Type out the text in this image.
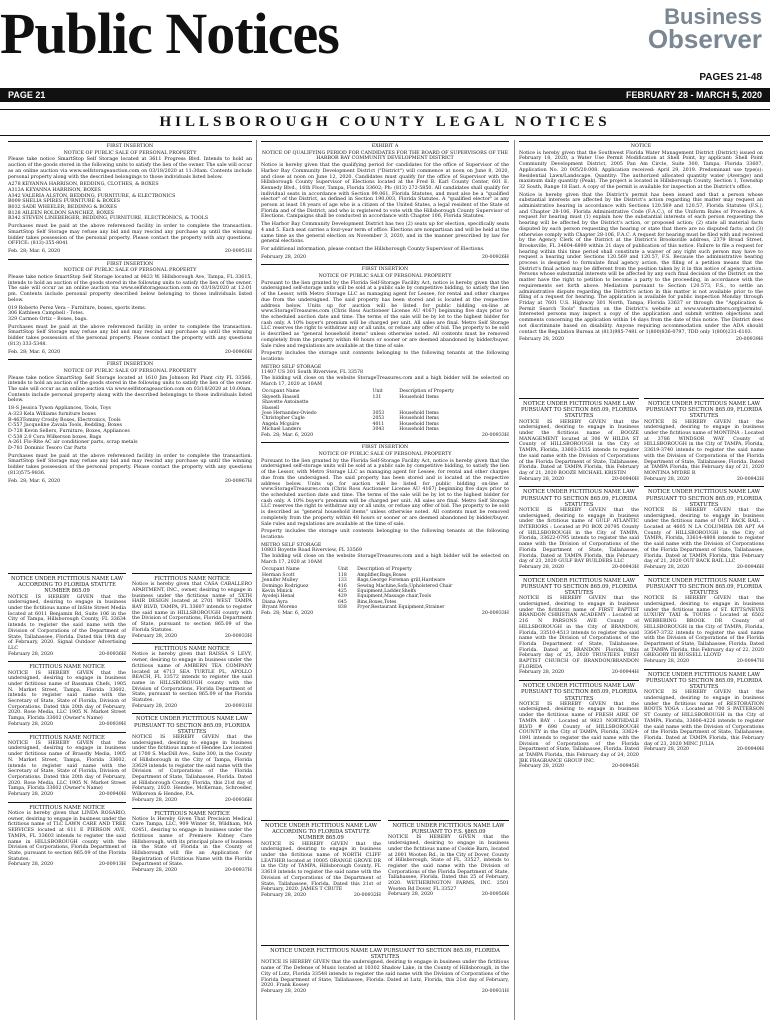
Public Notices	Business
Observer
PAGES 21-48
PAGE 21	FEBRUARY 28 - MARCH 5, 2020
HILLSBOROUGH COUNTY LEGAL NOTICES
FIRST INSERTION
NOTICE OF PUBLIC SALE OF PERSONAL PROPERTY

Please take notice SmartStop Self Storage located at 3611 Progress Blvd. Intends to hold an auction of the goods stored in the following units to satisfy the lien of the owner. The sale will occur as an online auction via www.selfstorageauction.com on 03/18/2020 at 11:30am. Contents include personal property along with the described belongings to those individuals listed below.

A278 KEYANNA HARRISON, BEDDING, CLOTHES, & BOXES
A312A KEYANNA HARRISON, BOXES
A342 VALERIA ALSTON, BEDDING, FURNITURE, & ELECTRONICS
B009 SHELIA SPIRES FURNITURE & BOXES
B032 SADE WHEELER, BEDDING & BOXES
B128 AILEEN ROLDON SANCHEZ, BOXES
B342 STEVEN LINEBERGER, BEDDING, FURNITURE, ELECTRONICS, & TOOLS

Purchases must be paid at the above referenced facility in order to complete the transaction. SmartStop Self Storage may refuse any bid and may rescind any purchase up until the winning bidder takes possession of the personal property. Please contact the property with any questions. OFFICE: (813)-355-8041

Feb. 28; Mar. 6, 2020	20-00951H
FIRST INSERTION
NOTICE OF PUBLIC SALE OF PERSONAL PROPERTY

Please take notice SmartStop Self Storage located at 9823 W. Hillsborough Ave, Tampa, FL 33615, intends to hold an auction of the goods stored in the following units to satisfy the lien of the owner. The sale will occur as an online auction via www.selfstorageauction.com on 03/18/2020 at 12:01 pm. Contents include personal property described below belonging to those individuals listed below.

019 Roberto Perez Vera – Furniture, boxes, sports items.
306 Kathleen Campbell - Totes.
329 Carmen Ortiz – Boxes, bags.

Purchases must be paid at the above referenced facility in order to complete the transaction. SmartStop Self Storage may refuse any bid and may rescind any purchase up until the winning bidder takes possession of the personal property. Please contact the property with any questions (813) 333-5348.

Feb. 28; Mar. 6, 2020	20-00960H
FIRST INSERTION
NOTICE OF PUBLIC SALE OF PERSONAL PROPERTY

Please take notice SmartStop Self Storage located at 1610 Jim Johnson Rd Plant city FL 33566, intends to hold an auction of the goods stored in the following units to satisfy the lien of the owner. The sale will occur as an online auction via www.selfstorageauction.com on 03/18/2020 at 10:00am. Contents include personal property along with the described belongings to those individuals listed below.

18-S Jessica Tyson Appliances, Tools, Toys
A-323 Kela Williams furniture boxes
B-463Tommy Crosby Boxes, Electronics, Tools
C-557 Jacqueline Zavala Tools, Bedding, Boxes
D-728 Kevin Sellers, Furniture, Boxes, Appliances
C-538 2.0 Cora Wilkerson boxes, Bags
A-261 Flo-Rite AC air conditioner parts, scrap metals
D-781 Dominic Tesoro Car Parts

Purchases must be paid at the above referenced facility in order to complete the transaction. SmartStop Self Storage may refuse any bid and may rescind any purchase up until the winning bidder takes possession of the personal property. Please contact the property with any questions (813)575-9836.

Feb. 28; Mar. 6, 2020	20-00967H
EXHIBIT A
NOTICE OF QUALIFYING PERIOD FOR CANDIDATES FOR THE BOARD OF SUPERVISORS OF THE HARBOR BAY COMMUNITY DEVELOPMENT DISTRICT

Notice is hereby given that the qualifying period for candidates for the office of Supervisor of the Harbor Bay Community Development District ("District") will commence at noon on June 8, 2020, and close at noon on June 12, 2020. Candidates must qualify for the office of Supervisor with the Hillsborough County Supervisor of Elections located at the Fred B. Karl County Center, 601 E. Kennedy Blvd., 16th Floor, Tampa, Florida 33602; Ph: (813) 272-5850. All candidates shall qualify for individual seats in accordance with Section 99.061, Florida Statutes, and must also be a "qualified elector" of the District, as defined in Section 190.003, Florida Statutes. A "qualified elector" is any person at least 18 years of age who is a citizen of the United States, a legal resident of the State of Florida and of the District, and who is registered to vote with the Hillsborough County Supervisor of Elections. Campaigns shall be conducted in accordance with Chapter 106, Florida Statutes.

The Harbor Bay Community Development District has two (2) seats up for election, specifically seats 4 and 5. Each seat carries a four-year term of office. Elections are nonpartisan and will be held at the same time as the general election on November 3, 2020, and in the manner prescribed by law for general elections.

For additional information, please contact the Hillsborough County Supervisor of Elections.

February 28, 2020	20-00926H
FIRST INSERTION
NOTICE OF PUBLIC SALE OF PERSONAL PROPERTY

Pursuant to the lien granted by the Florida Self-Storage Facility Act, notice is hereby given that the undersigned self-storage units will be sold at a public sale by competitive bidding, to satisfy the lien of the Lessor, with Metro Storage LLC as managing agent for Lessee, for rental and other charges due from the undersigned. The said property has been stored and is located at the respective address below. Units up for auction will be listed for public bidding on-line at www.StorageTreasures.com (Chris Ross Auctioneer License AU 4167) beginning five days prior to the scheduled auction date and time. The terms of the sale will be by lot to the highest bidder for cash only. A 10% buyer's premium will be charged per unit. All sales are final. Metro Self Storage LLC reserves the right to withdraw any or all units, or refuse any offer of bid. The property to be sold is described as "general household items" unless otherwise noted. All contents must be removed completely from the property within 48 hours or sooner or are deemed abandoned by bidder/buyer. Sale rules and regulations are available at the time of sale.

Property includes the storage unit contents belonging to the following tenants at the following locations:

METRO SELF STORAGE
11407 US 301 South Riverview, FL 33578
The bidding will close on the website StorageTreasures.com and a high bidder will be selected on March 17, 2020 at 10AM

Occupant Name	Unit	Description of Property
Skyeeth Hassell	131	Household Items
Shavette Antoinette		
Hassell		
Jose Hernandez-Oviedo	3053	Household Items
Christopher Cagle	2053	Household Items
Angela Mcguire	4011	Household Items
Michael Landers	3043	Household Items
Feb. 28; Mar. 6, 2020	20-00933H
FIRST INSERTION
NOTICE OF PUBLIC SALE OF PERSONAL PROPERTY

Pursuant to the lien granted by the Florida Self-Storage Facility Act, notice is hereby given that the undersigned self-storage units will be sold at a public sale by competitive bidding, to satisfy the lien of the Lessor, with Metro Storage LLC as managing agent for Lessee, for rental and other charges due from the undersigned. The said property has been stored and is located at the respective address below. Units up for auction will be listed for public bidding on-line at www.StorageTreasures.com (Chris Ross Auctioneer License AU 4167) beginning five days prior to the scheduled auction date and time. The terms of the sale will be by lot to the highest bidder for cash only. A 10% buyer's premium will be charged per unit. All sales are final. Metro Self Storage LLC reserves the right to withdraw any or all units, or refuse any offer of bid. The property to be sold is described as "general household items" unless otherwise noted. All contents must be removed completely from the property within 48 hours or sooner or are deemed abandoned by bidder/buyer. Sale rules and regulations are available at the time of sale.

Property includes the storage unit contents belonging to the following tenants at the following locations:

METRO SELF STORAGE
10803 Boyette Road Riverview, FL 33569
The bidding will close on the website StorageTreasures.com and a high bidder will be selected on March 17, 2020 at 10AM

Occupant Name	Unit	Description of Property
Herman Scott	118	Amplifier,Bags,Boxes
Jennifer Mulley	133	Bags,George Foreman grill,Hardware
Domingo Rodriguez	416	Sewing Machine,Sofa,Upholstered Chair
Kevin Minick	425	Equipment,Ladder,Shelfs
Ayodeji Henal	429	Equipment,Massage chair,Tools
Diana Ayra	645	Bins,Boxes,Totes
Bryant Moreno	838	Fryer,Restaurant Equipment,Strainer
Feb. 28; Mar. 6, 2020	20-00933H
NOTICE

Notice is hereby given that the Southwest Florida Water Management District (District) issued on February 18, 2020, a Water Use Permit Modification at Shell Point, by applicant: Shell Point Community Development District, 2005 Pan Am Circle, Suite 300, Tampa, Florida 33607, Application No. 20 005/20.008. Application received: April 29, 2019. Predominant use type(s): Residential Lawn/Landscape. Quantity: The authorized allocated quantity water (Average) and maximum daily quantity (Peak). The project is located in Hillsborough County, Section 1, Township 32 South, Range 18 East. A copy of the permit is available for inspection at the District's office.

Notice is hereby given that the District's permit has been issued and that a person whose substantial interests are affected by the District's action regarding this matter may request an administrative hearing in accordance with Sections 120.569 and 120.57, Florida Statutes (F.S.), and Chapter 28-106, Florida Administrative Code (F.A.C.), of the Uniform Rules of Procedure. A request for hearing must (1) explain how the substantial interests of each person requesting the hearing will be affected by the District's action, or proposed action; (2) state all material facts disputed by each person requesting the hearing or state that there are no disputed facts; and (3) otherwise comply with Chapter 28-106, F.A.C. A request for hearing must be filed with and received by the Agency Clerk of the District at the District's Brooksville address, 2379 Broad Street, Brooksville, FL 34604-6899 within 21 days of publication of this notice. Failure to file a request for hearing within this time period shall constitute a waiver of any right such person may have to request a hearing under Sections 120.569 and 120.57, F.S. Because the administrative hearing process is designed to formulate final agency action, the filing of a petition means that the District's final action may be different from the position taken by it in this notice of agency action. Persons whose substantial interests will be affected by any such final decision of the District on the matter have the right to petition to become a party to the proceeding, in accordance with the requirements set forth above. Mediation pursuant to Section 120.573, F.S., to settle an administrative dispute regarding the District's action in this matter is not available prior to the filing of a request for hearing. The application is available for public inspection Monday through Friday at 7601 U.S. Highway 301 North, Tampa, Florida 33637 or through the "Application & Permit Search Tools" function on the District's website at www.watermatters.org/permits/. Interested persons may inspect a copy of the application and submit written objections and comments concerning the application within 14 days from the date of this notice. The District does not discriminate based on disability. Anyone requiring accommodation under the ADA should contact the Regulation Bureau at (813)985-7481 or 1(800)836-0797, TDD only 1(800)231-6103.

February 28, 2020	20-00939H
NOTICE UNDER FICTITIOUS NAME LAW ACCORDING TO FLORIDA STATUTE NUMBER 865.09
NOTICE IS HEREBY GIVEN that the undersigned, desiring to engage in business under the fictitious name of InSite Street Media located at 6011 Benjamin Rd, Suite 106 in the City of Tampa, Hillsborough County, FL 33634 intends to register the said name with the Division of Corporations of the Department of State, Tallahassee, Florida. Dated this 19th day of February, 2020. Signal Outdoor Advertising LLC
February 28, 2020	20-00936H
FICTITIOUS NAME NOTICE
NOTICE IS HEREBY GIVEN that the undersigned, desiring to engage in business under fictitious name of Bassman Chefs, 1905 N. Market Street, Tampa, Florida 33602, intends to register said name with the Secretary of State, State of Florida, Division of Corporations. Dated this 20th day of February, 2020. Rose Media, LLC 1905 N. Market Street Tampa, Florida 33602 (Owner's Name)
February 28, 2020	20-00939H
FICTITIOUS NAME NOTICE
NOTICE IS HEREBY GIVEN that the undersigned, desiring to engage in business under fictitious name of Brassfly Media, 1905 N. Market Street, Tampa, Florida 33602, intends to register said name with the Secretary of State, State of Florida, Division of Corporations. Dated this 20th day of February, 2020. Rose Media, LLC 1905 N. Market Street Tampa, Florida 33602 (Owner's Name)
February 28, 2020	20-00940H
FICTITIOUS NAME NOTICE
Notice is hereby given that LINDA ROSARIO, owner, desiring to engage in business under the fictitious name of TLC LAWN CARE AND TREE SERVICES located at 611 E PIERSON AVE, TAMPA, FL 33603 intends to register the said name in HILLSBOROUGH county with the Division of Corporations, Florida Department of State, pursuant to section 865.09 of the Florida Statutes.
February 28, 2020	20-00913H
FICTITIOUS NAME NOTICE
Notice is hereby given that CASA CABALLERO APARTMENT, INC., owner, desiring to engage in business under the fictitious name of 5XTH HAIR DESIGN located at 2701 WEST TAMPA BAY BLVD, TAMPA, FL 33607 intends to register the said name in HILLSBOROUGH county with the Division of Corporations, Florida Department of State, pursuant to section 865.09 of the Florida Statutes.
February 28, 2020	20-00933H
FICTITIOUS NAME NOTICE
Notice is hereby given that RAISSA S LEVY, owner, desiring to engage in business under the fictitious name of AMBERN TEA COMPANY located at 4713 SEA TURTLE PL, APOLLO BEACH, FL 33572 intends to register the said name in HILLSBOROUGH county with the Division of Corporations, Florida Department of State, pursuant to section 865.09 of the Florida Statutes.
February 28, 2020	20-00931H
NOTICE UNDER FICTITIOUS NAME LAW PURSUANT TO SECTION 865.09, FLORIDA STATUTES
NOTICE IS HEREBY GIVEN that the undersigned, desiring to engage in business under the fictitious name of Hendee Law located at 1700 S. MacDill Ave., Suite 300, in the County of Hillsborough in the City of Tampa, Florida 33629 intends to register the said name with the Division of Corporations of the Florida Department of State, Tallahassee, Florida. Dated at Hillsborough County, Florida, this 21st day of February, 2020. Hendee, McKernan, Schroeder, Wilkerson & Hendee, P.A.
February 28, 2020	20-00936H
FICTITIOUS NAME NOTICE
Notice Is Hereby Given That Precision Medical Care Tampa, LLC, 909 Winter St, Wildham, MA 02451, desiring to engage in business under the fictitious name of Premiere Kidney Care Hillsborough, with its principal place of business in the State of Florida in the County of Hillsborough will file an Application for Registration of Fictitious Name with the Florida Department of State.
February 28, 2020	20-00937H
NOTICE UNDER FICTITIOUS NAME LAW ACCORDING TO FLORIDA STATUTE NUMBER 865.09
NOTICE IS HEREBY GIVEN that the undersigned, desiring to engage in business under the fictitious name of NORTH CLIFF LEATHER located at 10005 ORANGE GROVE DR in the City of TAMPA, Hillsborough County, FL 33618 intends to register the said name with the Division of Corporations of the Department of State, Tallahassee, Florida. Dated this 21st of February, 2020. JAMES T CRUTE
February 28, 2020	20-00932H
NOTICE UNDER FICTITIOUS NAME LAW PURSUANT TO F.S. §865.09
NOTICE IS HEREBY GIVEN that the undersigned, desiring to engage in business under the fictitious name of Cookie Barn, located at 2001 Wooten Rd., in the City of Dover, County of Hillsborough, State of FL, 33527, intends to register the said name with the Division of Corporations of the Florida Department of State, Tallahassee, Florida. Dated this 25 of February, 2020. WETHERINGTON FARMS, INC. 2501 Wooten Rd Dover, FL 33527
February 28, 2020	20-00950H
NOTICE UNDER FICTITIOUS NAME LAW PURSUANT TO SECTION 865.09, FLORIDA STATUTES
NOTICE IS HEREBY GIVEN that the undersigned, desiring to engage in business under the fictitious name of The Defense of Music located at 10302 Shadow Lake, in the County of Hillsborough, in the City of Lutz, Florida 33548 intends to register the said name with the Division of Corporations of the Florida Department of State, Tallahassee, Florida. Dated at Lutz, Florida, this 21st day of February, 2020. Frank Kossey
February 28, 2020	20-00931H
NOTICE UNDER FICTITIOUS NAME LAW PURSUANT TO SECTION 865.09, FLORIDA STATUTES
NOTICE IS HEREBY GIVEN that the undersigned, desiring to engage in business under the fictitious name of BOOZE MANAGEMENT located at 306 W HILDA ST County of HILLSBOROUGH in the City of TAMPA, Florida, 33603-3535 intends to register the said name with the Division of Corporations of the Florida Department of State, Tallahassee, Florida. Dated at TAMPA Florida, this February day of 21, 2020 BOOZE MICHAEL KRISTIN
February 28, 2020	20-00940H
NOTICE UNDER FICTITIOUS NAME LAW PURSUANT TO SECTION 865.09, FLORIDA STATUTES
NOTICE IS HEREBY GIVEN that the undersigned, desiring to engage in business under the fictitious name of GULF ATLANTIC INTERIORS : Located at PO BOX 20795 County of HILLSBOROUGH in the City of TAMPA, Florida, 33622-0795 intends to register the said name with the Division of Corporations of the Florida Department of State, Tallahassee, Florida. Dated at TAMPA Florida, this February day of 23, 2020 GULF BAY BUILDERS LLC
February 28, 2020	20-00943H
NOTICE UNDER FICTITIOUS NAME LAW PURSUANT TO SECTION 865.09, FLORIDA STATUTES
NOTICE IS HEREBY GIVEN that the undersigned, desiring to engage in business under the fictitious name of FIRST BAPTIST BRANDON CHRISTIAN ACADEMY : Located at 216 N PARSONS AVE County of HILLSBOROUGH in the City of BRANDON, Florida, 33510-4513 intends to register the said name with the Division of Corporations of the Florida Department of State, Tallahassee, Florida. Dated at BRANDON Florida, this February day of 25, 2020 TRUSTEES FIRST BAPTIST CHURCH OF BRANDON/BRANDON FLORIDA
February 28, 2020	20-00944H
NOTICE UNDER FICTITIOUS NAME LAW PURSUANT TO SECTION 865.09, FLORIDA STATUTES
NOTICE IS HEREBY GIVEN that the undersigned, desiring to engage in business under the fictitious name of FRESH AIRE OF TAMPA BAY : Located at 9823 NORTHDALE BLVD # 698 County of HILLSBOROUGH COUNTY in the City of TAMPA, Florida, 33624-1891 intends to register the said name with the Division of Corporations of the Florida Department of State, Tallahassee, Florida. Dated at TAMPA Florida, this February day of 24, 2020 JBK FRAGRANCE GROUP INC.
February 28, 2020	20-00945H
NOTICE UNDER FICTITIOUS NAME LAW PURSUANT TO SECTION 865.09, FLORIDA STATUTES
NOTICE IS HEREBY GIVEN that the undersigned, desiring to engage in business under the fictitious name of MONTINA : Located at 3786 WINDSOR WAY County of HILLSBOROUGH in the City of TAMPA, Florida, 33619-3740 intends to register the said name with the Division of Corporations of the Florida Department of State, Tallahassee, Florida. Dated at TAMPA Florida, this February day of 21, 2020 MONTINA MYDRE R
February 28, 2020	20-00942H
NOTICE UNDER FICTITIOUS NAME LAW PURSUANT TO SECTION 865.09, FLORIDA STATUTES
NOTICE IS HEREBY GIVEN that the undersigned, desiring to engage in business under the fictitious name of OUT BACK BAIL : Located at 4605 N LA COLUMBIA DR APT A4 County of HILLSBOROUGH in the City of TAMPA, Florida, 33614-4808 intends to register the said name with the Division of Corporations of the Florida Department of State, Tallahassee, Florida. Dated at TAMPA Florida, this February day of 21, 2020 OUT BACK BAIL LLC
February 28, 2020	20-00946H
NOTICE UNDER FICTITIOUS NAME LAW PURSUANT TO SECTION 865.09, FLORIDA STATUTES
NOTICE IS HEREBY GIVEN that the undersigned, desiring to engage in business under the fictitious name of ST. KITTS/NEVIS LUXURY TAXI & TOURS : Located at 6502 WEBBERING BROOK DR County of HILLSBOROUGH in the City of TAMPA, Florida, 33647-3732 intends to register the said name with the Division of Corporations of the Florida Department of State, Tallahassee, Florida. Dated at TAMPA Florida, this February day of 22, 2020 GREGORY III RUSSELL LLOYD
February 28, 2020	20-00947H
NOTICE UNDER FICTITIOUS NAME LAW PURSUANT TO SECTION 865.09, FLORIDA STATUTES
NOTICE IS HEREBY GIVEN that the undersigned, desiring to engage in business under the fictitious name of RESTORATION ROOTS YOGA : Located at 700 S PATTERSON ST County of HILLSBOROUGH in the City of TAMPA, Florida, 33606-4226 intends to register the said name with the Division of Corporations of the Florida Department of State, Tallahassee, Florida. Dated at TAMPA Florida, this February day of 23, 2020 MINC JULIA
February 28, 2020	20-00949H
